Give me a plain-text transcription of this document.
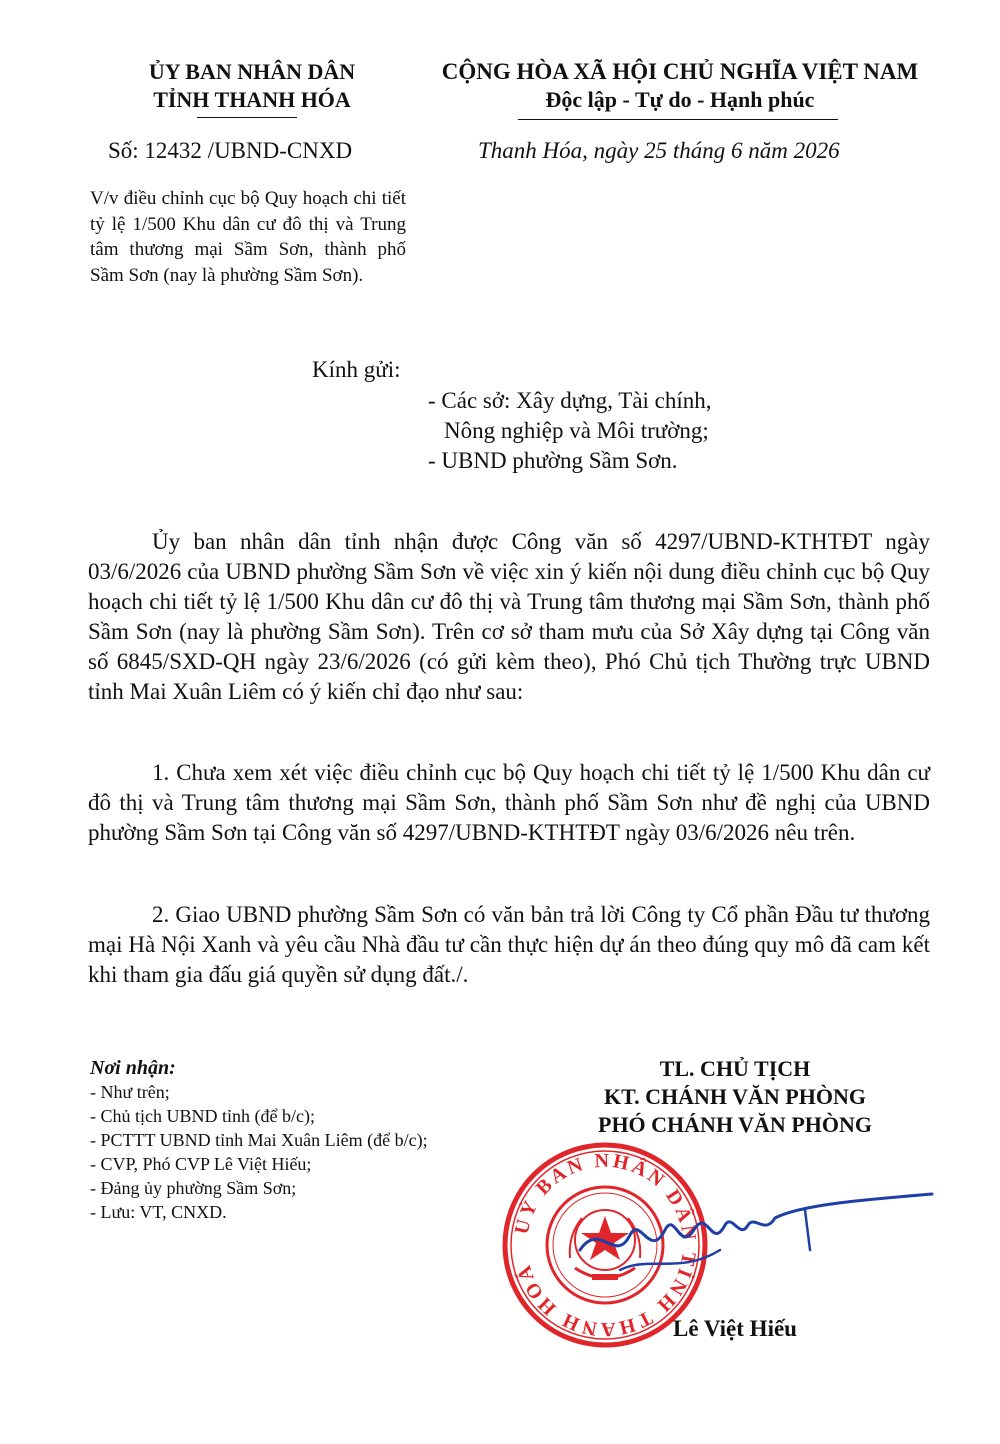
ỦY BAN NHÂN DÂN
TỈNH THANH HÓA
CỘNG HÒA XÃ HỘI CHỦ NGHĨA VIỆT NAM
Độc lập - Tự do - Hạnh phúc
Số: 12432 /UBND-CNXD	Thanh Hóa, ngày 25 tháng 6 năm 2026
V/v điều chỉnh cục bộ Quy hoạch chi tiết tỷ lệ 1/500 Khu dân cư đô thị và Trung tâm thương mại Sầm Sơn, thành phố Sầm Sơn (nay là phường Sầm Sơn).
Kính gửi:
- Các sở: Xây dựng, Tài chính,
Nông nghiệp và Môi trường;
- UBND phường Sầm Sơn.

Ủy ban nhân dân tỉnh nhận được Công văn số 4297/UBND-KTHTĐT ngày 03/6/2026 của UBND phường Sầm Sơn về việc xin ý kiến nội dung điều chỉnh cục bộ Quy hoạch chi tiết tỷ lệ 1/500 Khu dân cư đô thị và Trung tâm thương mại Sầm Sơn, thành phố Sầm Sơn (nay là phường Sầm Sơn). Trên cơ sở tham mưu của Sở Xây dựng tại Công văn số 6845/SXD-QH ngày 23/6/2026 (có gửi kèm theo), Phó Chủ tịch Thường trực UBND tỉnh Mai Xuân Liêm có ý kiến chỉ đạo như sau:

1. Chưa xem xét việc điều chỉnh cục bộ Quy hoạch chi tiết tỷ lệ 1/500 Khu dân cư đô thị và Trung tâm thương mại Sầm Sơn, thành phố Sầm Sơn như đề nghị của UBND phường Sầm Sơn tại Công văn số 4297/UBND-KTHTĐT ngày 03/6/2026 nêu trên.

2. Giao UBND phường Sầm Sơn có văn bản trả lời Công ty Cổ phần Đầu tư thương mại Hà Nội Xanh và yêu cầu Nhà đầu tư cần thực hiện dự án theo đúng quy mô đã cam kết khi tham gia đấu giá quyền sử dụng đất./.

Nơi nhận:
- Như trên;
- Chủ tịch UBND tỉnh (để b/c);
- PCTTT UBND tỉnh Mai Xuân Liêm (để b/c);
- CVP, Phó CVP Lê Việt Hiếu;
- Đảng ủy phường Sầm Sơn;
- Lưu: VT, CNXD.
TL. CHỦ TỊCH
KT. CHÁNH VĂN PHÒNG
PHÓ CHÁNH VĂN PHÒNG
UỶ BAN NHÂN DÂN TỈNH THANH HOÁ
Lê Việt Hiếu
